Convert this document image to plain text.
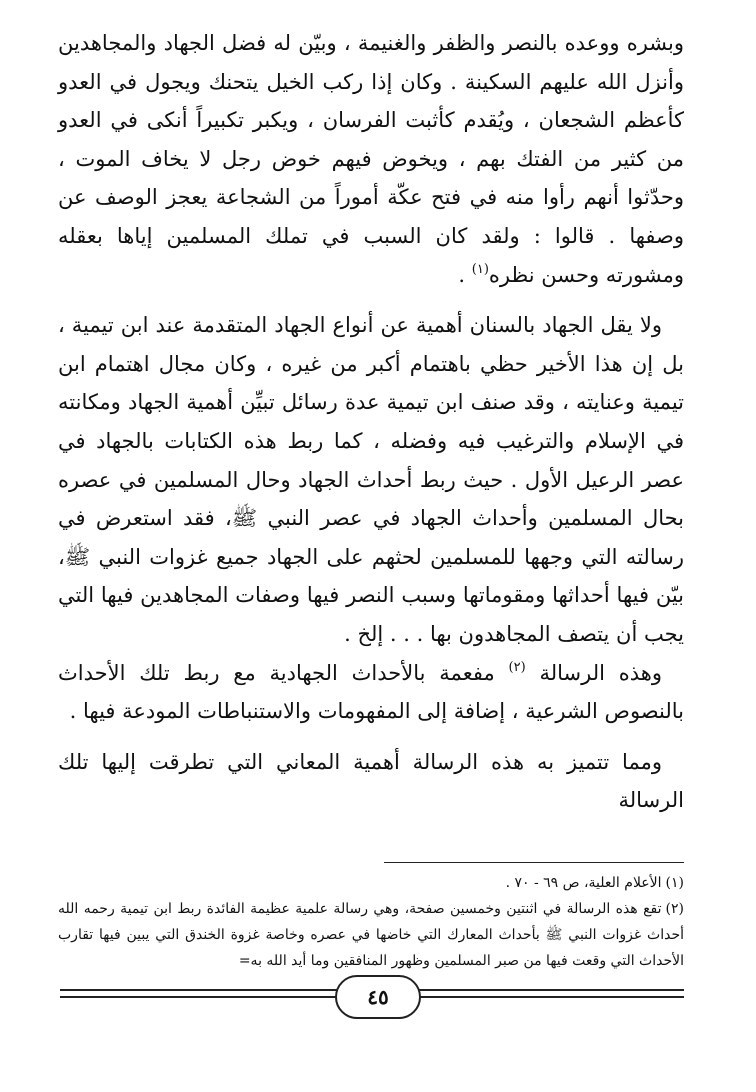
وبشره ووعده بالنصر والظفر والغنيمة ، وبيّن له فضل الجهاد والمجاهدين وأنزل الله عليهم السكينة . وكان إذا ركب الخيل يتحنك ويجول في العدو كأعظم الشجعان ، ويُقدم كأثبت الفرسان ، ويكبر تكبيراً أنكى في العدو من كثير من الفتك بهم ، ويخوض فيهم خوض رجل لا يخاف الموت ، وحدّثوا أنهم رأوا منه في فتح عكّة أموراً من الشجاعة يعجز الوصف عن وصفها . قالوا : ولقد كان السبب في تملك المسلمين إياها بعقله ومشورته وحسن نظره$^{(١)}$ .

ولا يقل الجهاد بالسنان أهمية عن أنواع الجهاد المتقدمة عند ابن تيمية ، بل إن هذا الأخير حظي باهتمام أكبر من غيره ، وكان مجال اهتمام ابن تيمية وعنايته ، وقد صنف ابن تيمية عدة رسائل تبيِّن أهمية الجهاد ومكانته في الإسلام والترغيب فيه وفضله ، كما ربط هذه الكتابات بالجهاد في عصر الرعيل الأول . حيث ربط أحداث الجهاد وحال المسلمين في عصره بحال المسلمين وأحداث الجهاد في عصر النبي ﷺ، فقد استعرض في رسالته التي وجهها للمسلمين لحثهم على الجهاد جميع غزوات النبي ﷺ، بيّن فيها أحداثها ومقوماتها وسبب النصر فيها وصفات المجاهدين فيها التي يجب أن يتصف المجاهدون بها . . . إلخ .

وهذه الرسالة $^{(٢)}$ مفعمة بالأحداث الجهادية مع ربط تلك الأحداث بالنصوص الشرعية ، إضافة إلى المفهومات والاستنباطات المودعة فيها .

ومما تتميز به هذه الرسالة أهمية المعاني التي تطرقت إليها تلك الرسالة

(١)الأعلام العلية، ص ٦٩ - ٧٠ .

(٢)تقع هذه الرسالة في اثنتين وخمسين صفحة، وهي رسالة علمية عظيمة الفائدة ربط ابن تيمية رحمه الله أحداث غزوات النبي ﷺ بأحداث المعارك التي خاضها في عصره وخاصة غزوة الخندق التي يبين فيها تقارب الأحداث التي وقعت فيها من صبر المسلمين وظهور المنافقين وما أيد الله به=

٤٥
